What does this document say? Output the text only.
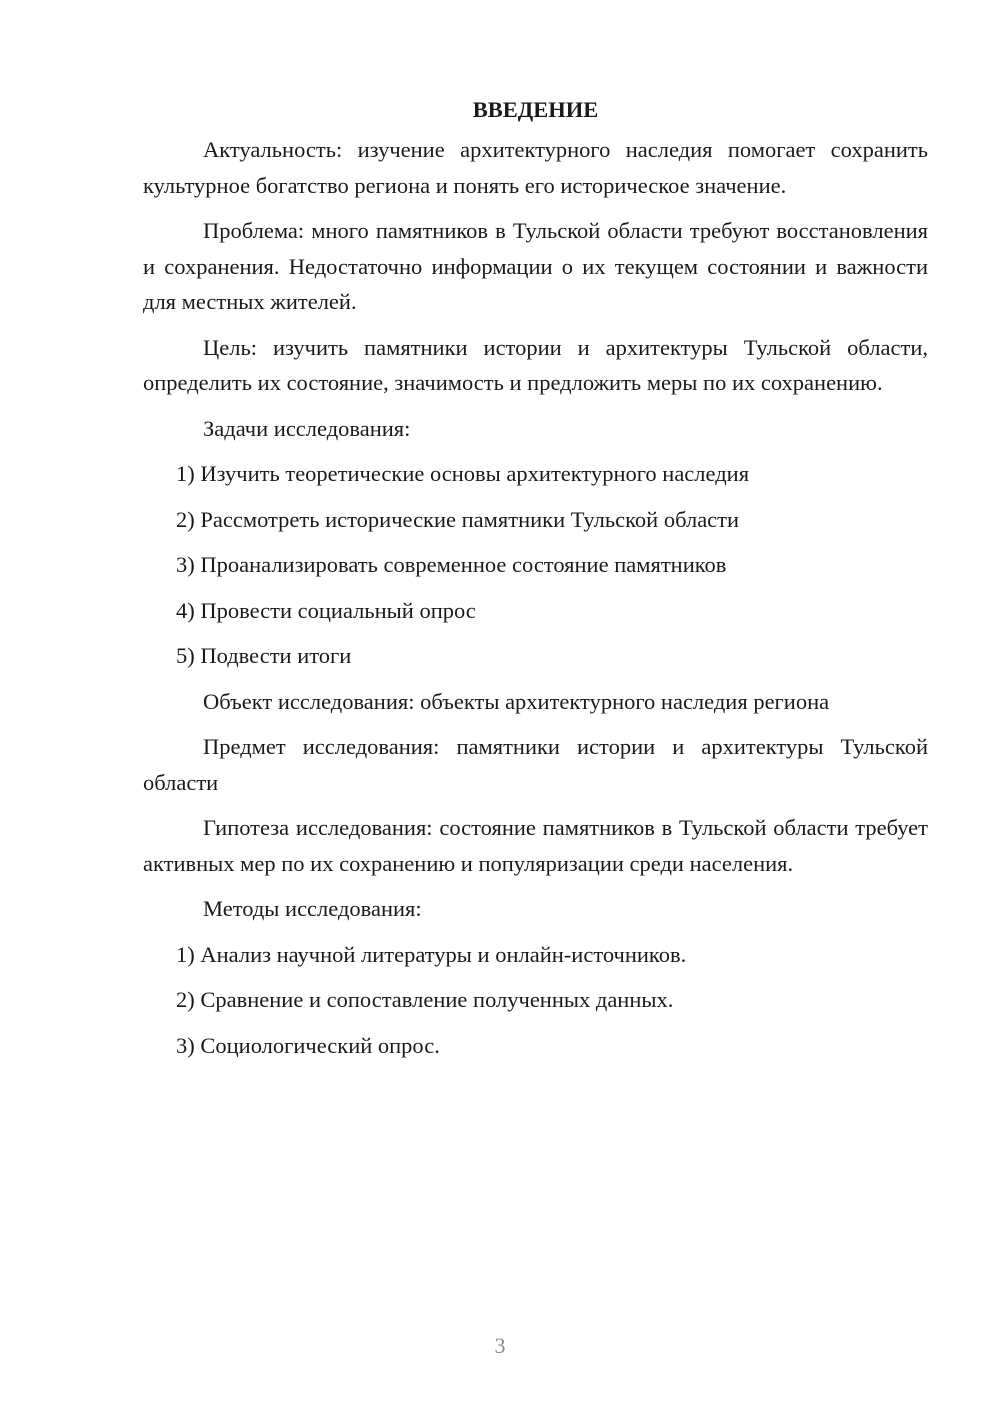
ВВЕДЕНИЕ

Актуальность: изучение архитектурного наследия помогает сохранить культурное богатство региона и понять его историческое значение.

Проблема: много памятников в Тульской области требуют восстановления и сохранения. Недостаточно информации о их текущем состоянии и важности для местных жителей.

Цель: изучить памятники истории и архитектуры Тульской области, определить их состояние, значимость и предложить меры по их сохранению.

Задачи исследования:

1) Изучить теоретические основы архитектурного наследия
2) Рассмотреть исторические памятники Тульской области
3) Проанализировать современное состояние памятников
4) Провести социальный опрос
5) Подвести итоги

Объект исследования: объекты архитектурного наследия региона

Предмет исследования: памятники истории и архитектуры Тульской области

Гипотеза исследования: состояние памятников в Тульской области требует активных мер по их сохранению и популяризации среди населения.

Методы исследования:

1) Анализ научной литературы и онлайн-источников.
2) Сравнение и сопоставление полученных данных.
3) Социологический опрос.
3
